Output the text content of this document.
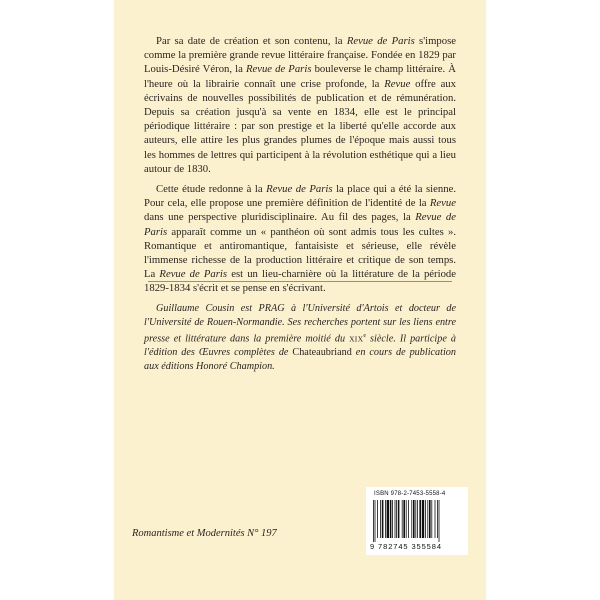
Par sa date de création et son contenu, la Revue de Paris s'impose comme la première grande revue littéraire française. Fondée en 1829 par Louis-Désiré Véron, la Revue de Paris bouleverse le champ littéraire. À l'heure où la librairie connaît une crise profonde, la Revue offre aux écrivains de nouvelles possibilités de publication et de rémunération. Depuis sa création jusqu'à sa vente en 1834, elle est le principal périodique littéraire : par son prestige et la liberté qu'elle accorde aux auteurs, elle attire les plus grandes plumes de l'époque mais aussi tous les hommes de lettres qui participent à la révolution esthétique qui a lieu autour de 1830.

Cette étude redonne à la Revue de Paris la place qui a été la sienne. Pour cela, elle propose une première définition de l'identité de la Revue dans une perspective pluridisciplinaire. Au fil des pages, la Revue de Paris apparaît comme un « panthéon où sont admis tous les cultes ». Romantique et antiromantique, fantaisiste et sérieuse, elle révèle l'immense richesse de la production littéraire et critique de son temps. La Revue de Paris est un lieu-charnière où la littérature de la période 1829-1834 s'écrit et se pense en s'écrivant.

Guillaume Cousin est PRAG à l'Université d'Artois et docteur de l'Université de Rouen-Normandie. Ses recherches portent sur les liens entre presse et littérature dans la première moitié du XIXe siècle. Il participe à l'édition des Œuvres complètes de Chateaubriand en cours de publication aux éditions Honoré Champion.
Romantisme et Modernités N° 197
ISBN 978-2-7453-5558-4
9 782745 355584
